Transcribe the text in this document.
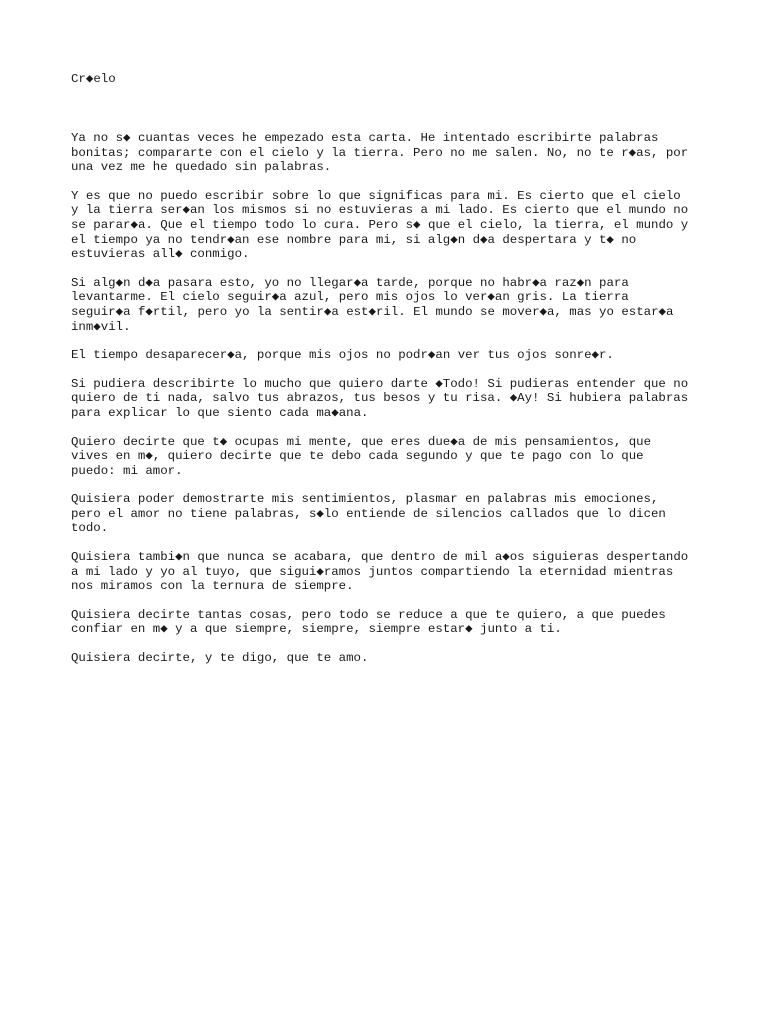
Cr◆elo

Ya no s◆ cuantas veces he empezado esta carta. He intentado escribirte palabras
bonitas; compararte con el cielo y la tierra. Pero no me salen. No, no te r◆as, por
una vez me he quedado sin palabras.

Y es que no puedo escribir sobre lo que significas para mi. Es cierto que el cielo
y la tierra ser◆an los mismos si no estuvieras a mi lado. Es cierto que el mundo no
se parar◆a. Que el tiempo todo lo cura. Pero s◆ que el cielo, la tierra, el mundo y
el tiempo ya no tendr◆an ese nombre para mi, si alg◆n d◆a despertara y t◆ no
estuvieras all◆ conmigo.

Si alg◆n d◆a pasara esto, yo no llegar◆a tarde, porque no habr◆a raz◆n para
levantarme. El cielo seguir◆a azul, pero mis ojos lo ver◆an gris. La tierra
seguir◆a f◆rtil, pero yo la sentir◆a est◆ril. El mundo se mover◆a, mas yo estar◆a
inm◆vil.

El tiempo desaparecer◆a, porque mis ojos no podr◆an ver tus ojos sonre◆r.

Si pudiera describirte lo mucho que quiero darte ◆Todo! Si pudieras entender que no
quiero de ti nada, salvo tus abrazos, tus besos y tu risa. ◆Ay! Si hubiera palabras
para explicar lo que siento cada ma◆ana.

Quiero decirte que t◆ ocupas mi mente, que eres due◆a de mis pensamientos, que
vives en m◆, quiero decirte que te debo cada segundo y que te pago con lo que
puedo: mi amor.

Quisiera poder demostrarte mis sentimientos, plasmar en palabras mis emociones,
pero el amor no tiene palabras, s◆lo entiende de silencios callados que lo dicen
todo.

Quisiera tambi◆n que nunca se acabara, que dentro de mil a◆os siguieras despertando
a mi lado y yo al tuyo, que sigui◆ramos juntos compartiendo la eternidad mientras
nos miramos con la ternura de siempre.

Quisiera decirte tantas cosas, pero todo se reduce a que te quiero, a que puedes
confiar en m◆ y a que siempre, siempre, siempre estar◆ junto a ti.

Quisiera decirte, y te digo, que te amo.
